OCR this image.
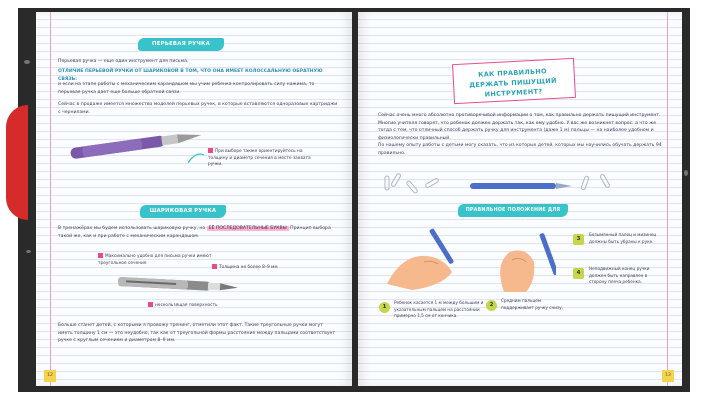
ПЕРЬЕВАЯ РУЧКА
Перьевая ручка — еще один инструмент для письма.
ОТЛИЧИЕ ПЕРЬЕВОЙ РУЧКИ ОТ ШАРИКОВОЙ В ТОМ, ЧТО ОНА ИМЕЕТ КОЛОССАЛЬНУЮ ОБРАТНУЮ СВЯЗЬ:
и если на этапе работы с механическим карандашом мы учим ребенка контролировать силу нажима, то перьевая ручка дает еще больше обратной связи.
Сейчас в продаже имеется множество моделей перьевых ручек, в которые вставляются одноразовые картриджи с чернилами.
При выборе также ориентируйтесь на толщину и диаметр сечения в месте захвата ручки.
ШАРИКОВАЯ РУЧКА
В тренажёрах мы будем использовать шариковую ручку, но ЕЁ ПОСЛЕДОВАТЕЛЬНЫЕ БУКВЫ Принцип выбора такой же, как и при работе с механическим карандашом.
Максимально удобно для письма ручки имеют треугольное сечение
Толщина не более 8–9 мм
нескользящая поверхность
Больше станет детей, с которыми я провожу тренинг, отметили этот факт. Такие треугольные ручки могут иметь толщину 1 см — это неудобно, так как от треугольной формы расстояние между пальцами соответствует ручке с круглым сечением и диаметром 8–9 мм.
12
КАК ПРАВИЛЬНО ДЕРЖАТЬ ПИШУЩИЙ ИНСТРУМЕНТ?
Сейчас очень много абсолютно противоречивой информации о том, как правильно держать пишущий инструмент. Многие учителя говорят, что ребенок должен держать так, как ему удобно. У вас же возникнет вопрос: а что же тогда с тем, что отличный способ держать ручку для инструмента (даже 1 м) пальцы — на наиболее удобном и физиологически правильный.
По нашему опыту работы с детьми могу сказать, что из которых детей, которых мы научились обучать держать 94 правильно.
ПРАВИЛЬНОЕ ПОЛОЖЕНИЕ ДЛЯ ПРАВШЕЙ
1
Ребенок касается 1 м между большим и указательным пальцем на расстоянии примерно 1,5 см от кончика.
2
Средним пальцем поддерживает ручку снизу.
3
Безымянный палец и мизинец должны быть убраны к руке.
4
Неподвижный конец ручки должен быть направлен в сторону плеча ребенка.
13
